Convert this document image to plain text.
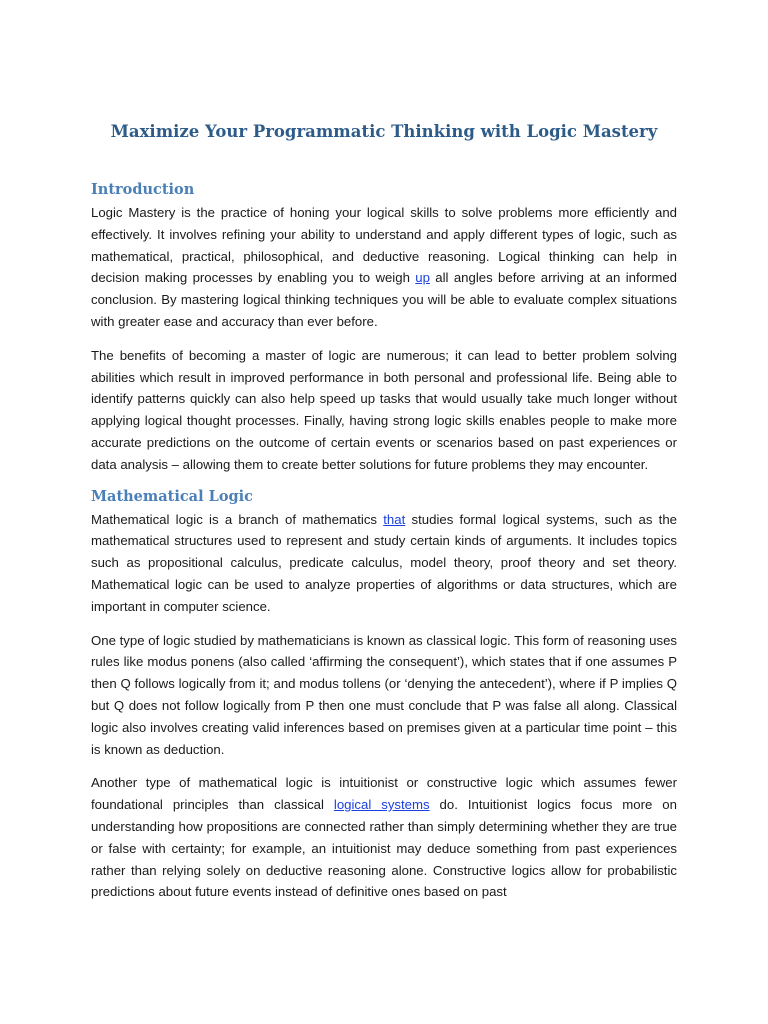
Maximize Your Programmatic Thinking with Logic Mastery
Introduction

Logic Mastery is the practice of honing your logical skills to solve problems more efficiently and effectively. It involves refining your ability to understand and apply different types of logic, such as mathematical, practical, philosophical, and deductive reasoning. Logical thinking can help in decision making processes by enabling you to weigh up all angles before arriving at an informed conclusion. By mastering logical thinking techniques you will be able to evaluate complex situations with greater ease and accuracy than ever before.

The benefits of becoming a master of logic are numerous; it can lead to better problem solving abilities which result in improved performance in both personal and professional life. Being able to identify patterns quickly can also help speed up tasks that would usually take much longer without applying logical thought processes. Finally, having strong logic skills enables people to make more accurate predictions on the outcome of certain events or scenarios based on past experiences or data analysis – allowing them to create better solutions for future problems they may encounter.

Mathematical Logic

Mathematical logic is a branch of mathematics that studies formal logical systems, such as the mathematical structures used to represent and study certain kinds of arguments. It includes topics such as propositional calculus, predicate calculus, model theory, proof theory and set theory. Mathematical logic can be used to analyze properties of algorithms or data structures, which are important in computer science.

One type of logic studied by mathematicians is known as classical logic. This form of reasoning uses rules like modus ponens (also called ‘affirming the consequent’), which states that if one assumes P then Q follows logically from it; and modus tollens (or ‘denying the antecedent’), where if P implies Q but Q does not follow logically from P then one must conclude that P was false all along. Classical logic also involves creating valid inferences based on premises given at a particular time point – this is known as deduction.

Another type of mathematical logic is intuitionist or constructive logic which assumes fewer foundational principles than classical logical systems do. Intuitionist logics focus more on understanding how propositions are connected rather than simply determining whether they are true or false with certainty; for example, an intuitionist may deduce something from past experiences rather than relying solely on deductive reasoning alone. Constructive logics allow for probabilistic predictions about future events instead of definitive ones based on past
